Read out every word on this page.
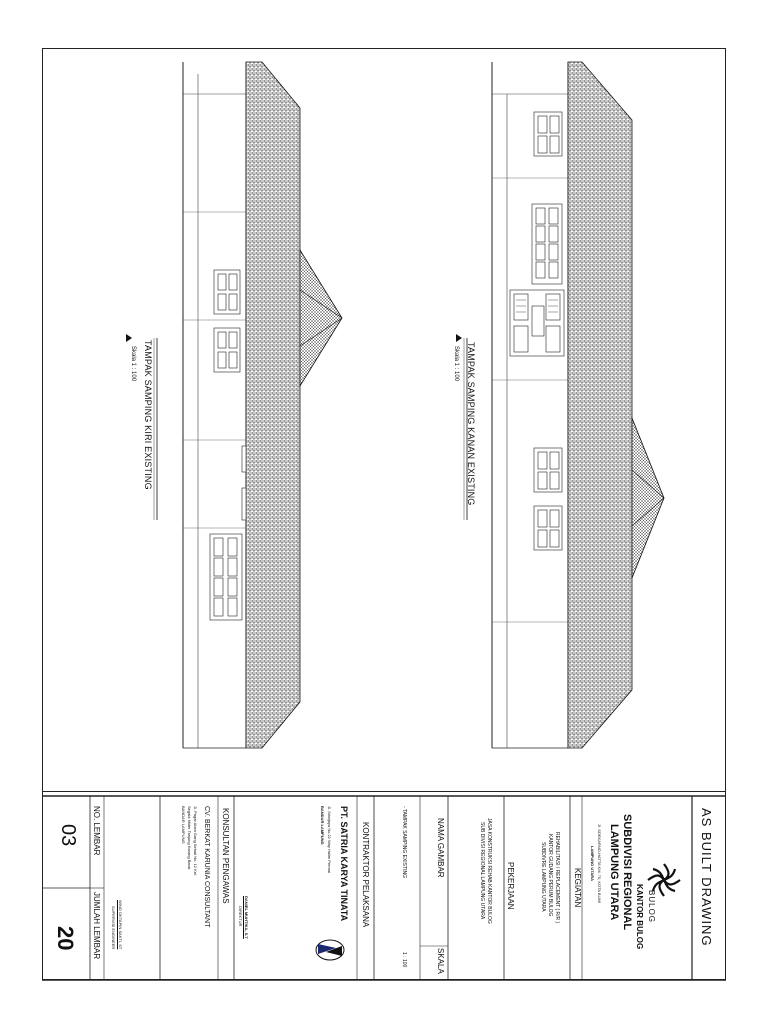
TAMPAK SAMPING KIRI EXISTING
Skala 1 : 100	TAMPAK SAMPING KANAN EXISTING
Skala 1 : 100
AS BUILT DRAWING
BULOG
KANTOR BULOG
SUBDIVISI REGIONAL
LAMPUNG UTARA
Jl. SOEKARNO-HATTA KM. 70, KOTA BUMI
LAMPUNG UTARA
KEGIATAN
REHABILITASI / REPLACEMENT ( R/R )
KANTOR GUDANG PERUM BULOG
SUBDIVRE LAMPUNG UTARA
PEKERJAAN
JASA KONSTRUKSI REHAB KANTOR BULOG
SUB DIVISI REGIONAL LAMPUNG UTARA
NAMA GAMBAR
SKALA
- TAMPAK SAMPING EXISTING
1 : 100
KONTRAKTOR PELAKSANA
PT. SATRIA KARYA TINATA
Jl. Sriwijaya No.22 Way Halim Permai
BANDAR LAMPUNG
KONSULTAN PENGAWAS
CV. BERKAT KARUNIA CONSULTANT
Jl. Pagar Alam Gang Sehati No. 12 Kel.
Segala Mider Tanjung Karang Barat
BANDAR LAMPUNG
DANIEL MUHTIKA, S.T
DIREKTUR
WINO OKTAPIN SAKTI, ST
SUPERVISI ENGINEER
NO. LEMBAR
JUMLAH LEMBAR
03
20
